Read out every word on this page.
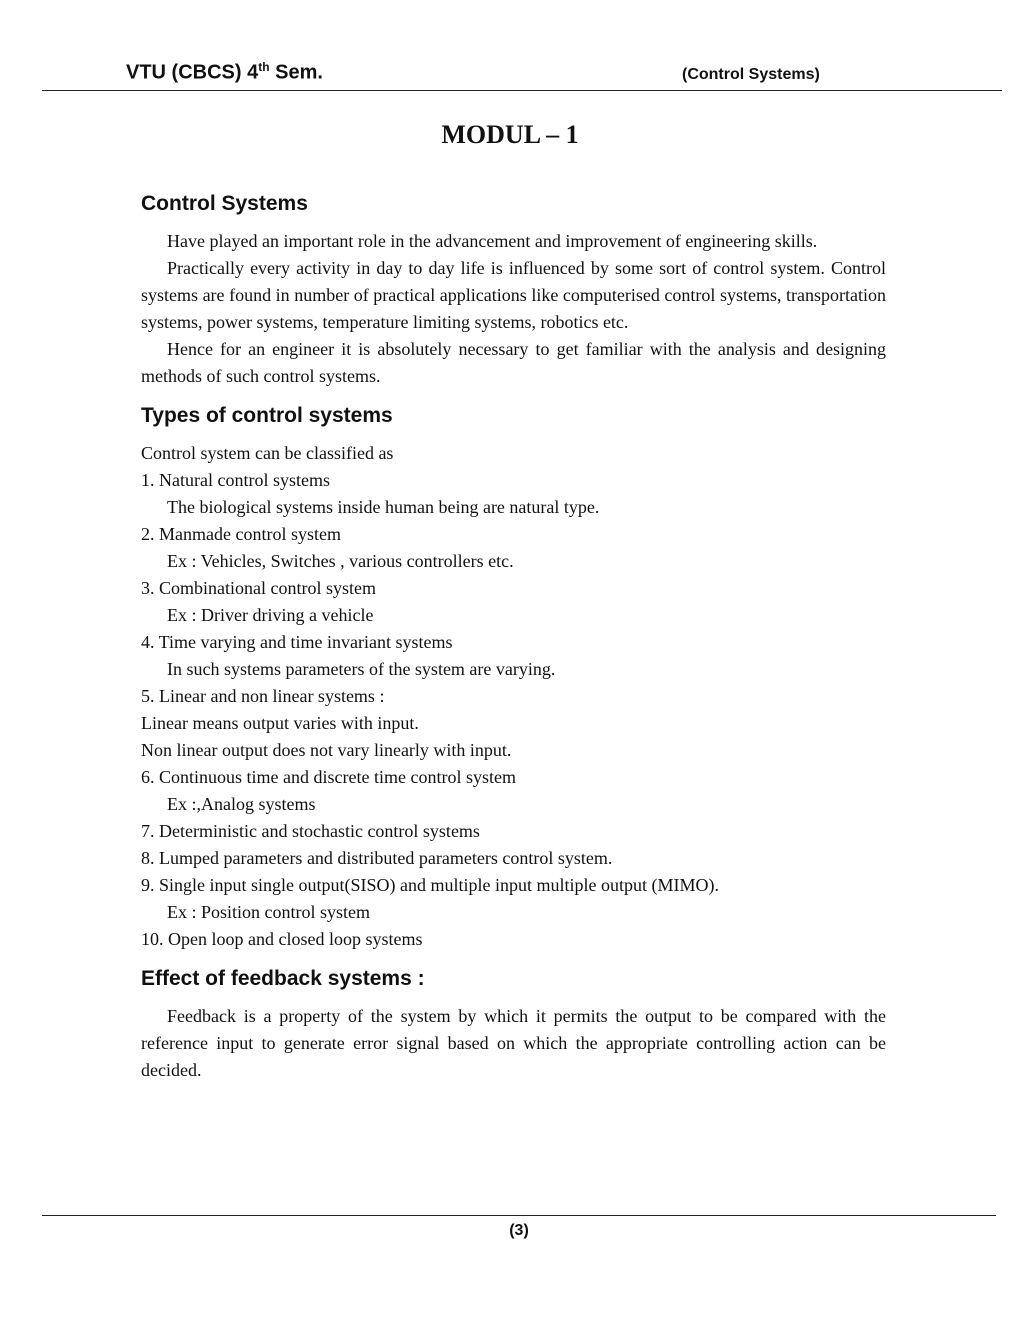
VTU (CBCS) 4th Sem.	(Control Systems)
MODUL – 1
Control Systems

Have played an important role in the advancement and improvement of engineering skills.

Practically every activity in day to day life is influenced by some sort of control system. Control systems are found in number of practical applications like computerised control systems, transportation systems, power systems, temperature limiting systems, robotics etc.

Hence for an engineer it is absolutely necessary to get familiar with the analysis and designing methods of such control systems.

Types of control systems

Control system can be classified as

1. Natural control systems

The biological systems inside human being are natural type.

2. Manmade control system

Ex : Vehicles, Switches , various controllers etc.

3. Combinational control system

Ex : Driver driving a vehicle

4. Time varying and time invariant systems

In such systems parameters of the system are varying.

5. Linear and non linear systems :

Linear means output varies with input.

Non linear output does not vary linearly with input.

6. Continuous time and discrete time control system

Ex :,Analog systems

7. Deterministic and stochastic control systems

8. Lumped parameters and distributed parameters control system.

9. Single input single output(SISO) and multiple input multiple output (MIMO).

Ex : Position control system

10. Open loop and closed loop systems

Effect of feedback systems :

Feedback is a property of the system by which it permits the output to be compared with the reference input to generate error signal based on which the appropriate controlling action can be decided.

(3)
